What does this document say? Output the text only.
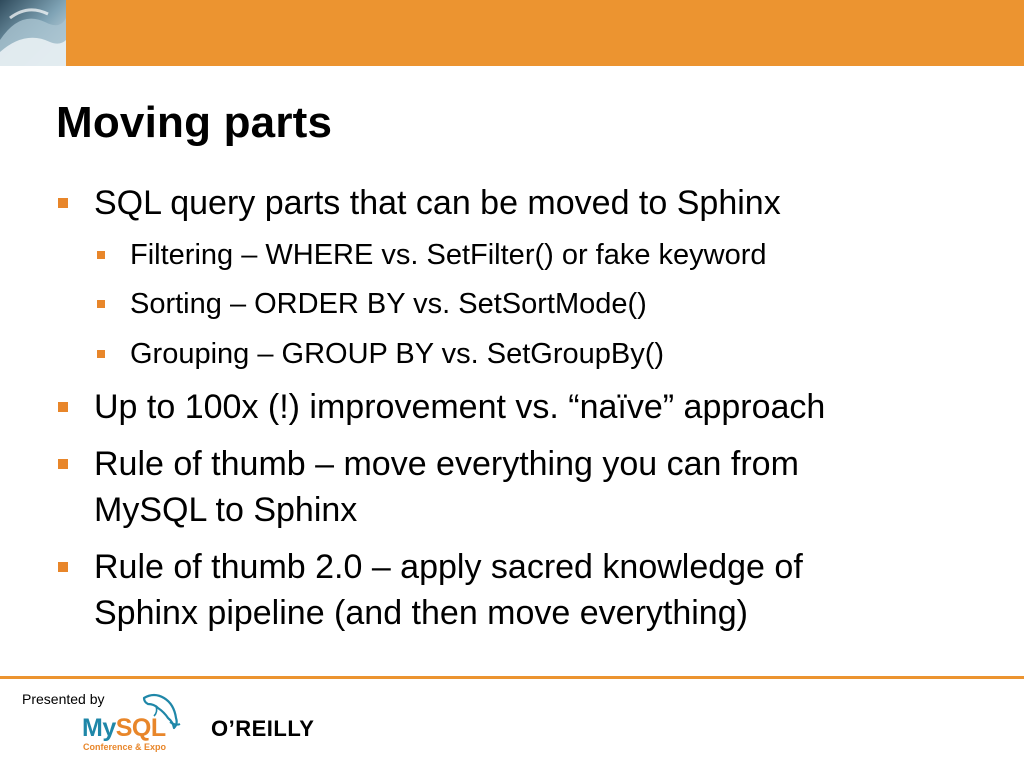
Moving parts
SQL query parts that can be moved to Sphinx
Filtering – WHERE vs. SetFilter() or fake keyword
Sorting – ORDER BY vs. SetSortMode()
Grouping – GROUP BY vs. SetGroupBy()
Up to 100x (!) improvement vs. “naïve” approach
Rule of thumb – move everything you can from
MySQL to Sphinx
Rule of thumb 2.0 – apply sacred knowledge of
Sphinx pipeline (and then move everything)
Presented by
MySQL
Conference & Expo
O’REILLY
